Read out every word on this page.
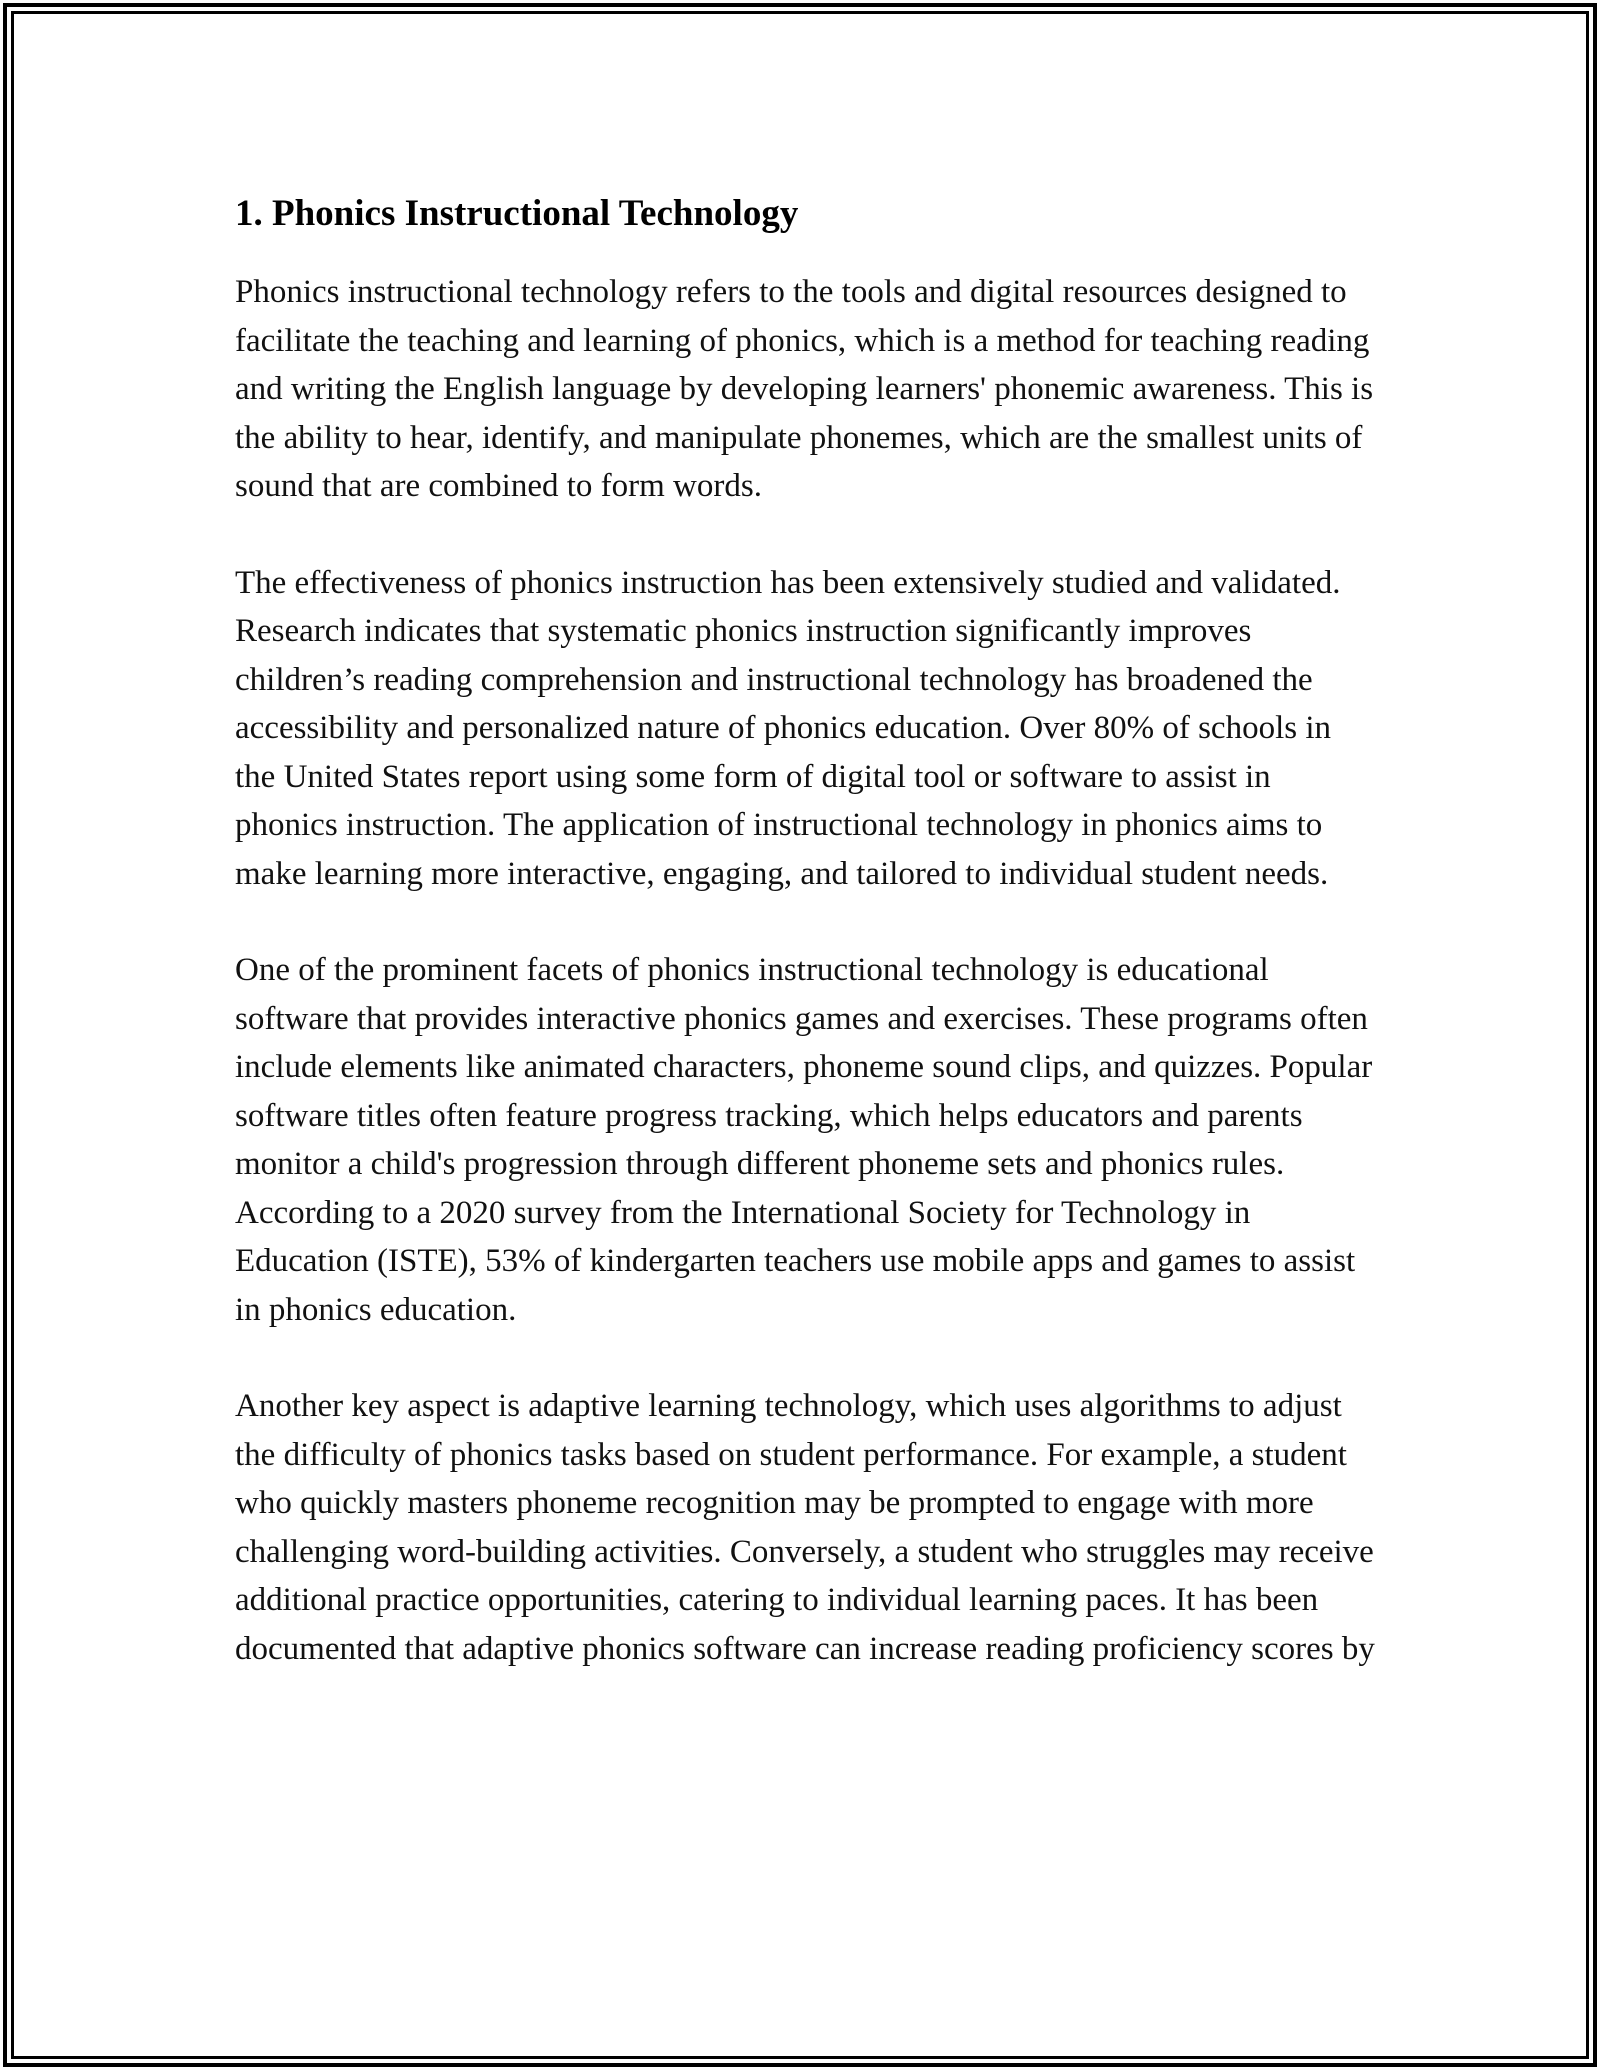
1. Phonics Instructional Technology

Phonics instructional technology refers to the tools and digital resources designed to facilitate the teaching and learning of phonics, which is a method for teaching reading and writing the English language by developing learners' phonemic awareness. This is the ability to hear, identify, and manipulate phonemes, which are the smallest units of sound that are combined to form words.

The effectiveness of phonics instruction has been extensively studied and validated. Research indicates that systematic phonics instruction significantly improves children’s reading comprehension and instructional technology has broadened the accessibility and personalized nature of phonics education. Over 80% of schools in the United States report using some form of digital tool or software to assist in phonics instruction. The application of instructional technology in phonics aims to make learning more interactive, engaging, and tailored to individual student needs.

One of the prominent facets of phonics instructional technology is educational software that provides interactive phonics games and exercises. These programs often include elements like animated characters, phoneme sound clips, and quizzes. Popular software titles often feature progress tracking, which helps educators and parents monitor a child's progression through different phoneme sets and phonics rules. According to a 2020 survey from the International Society for Technology in Education (ISTE), 53% of kindergarten teachers use mobile apps and games to assist in phonics education.

Another key aspect is adaptive learning technology, which uses algorithms to adjust the difficulty of phonics tasks based on student performance. For example, a student who quickly masters phoneme recognition may be prompted to engage with more challenging word-building activities. Conversely, a student who struggles may receive additional practice opportunities, catering to individual learning paces. It has been documented that adaptive phonics software can increase reading proficiency scores by
